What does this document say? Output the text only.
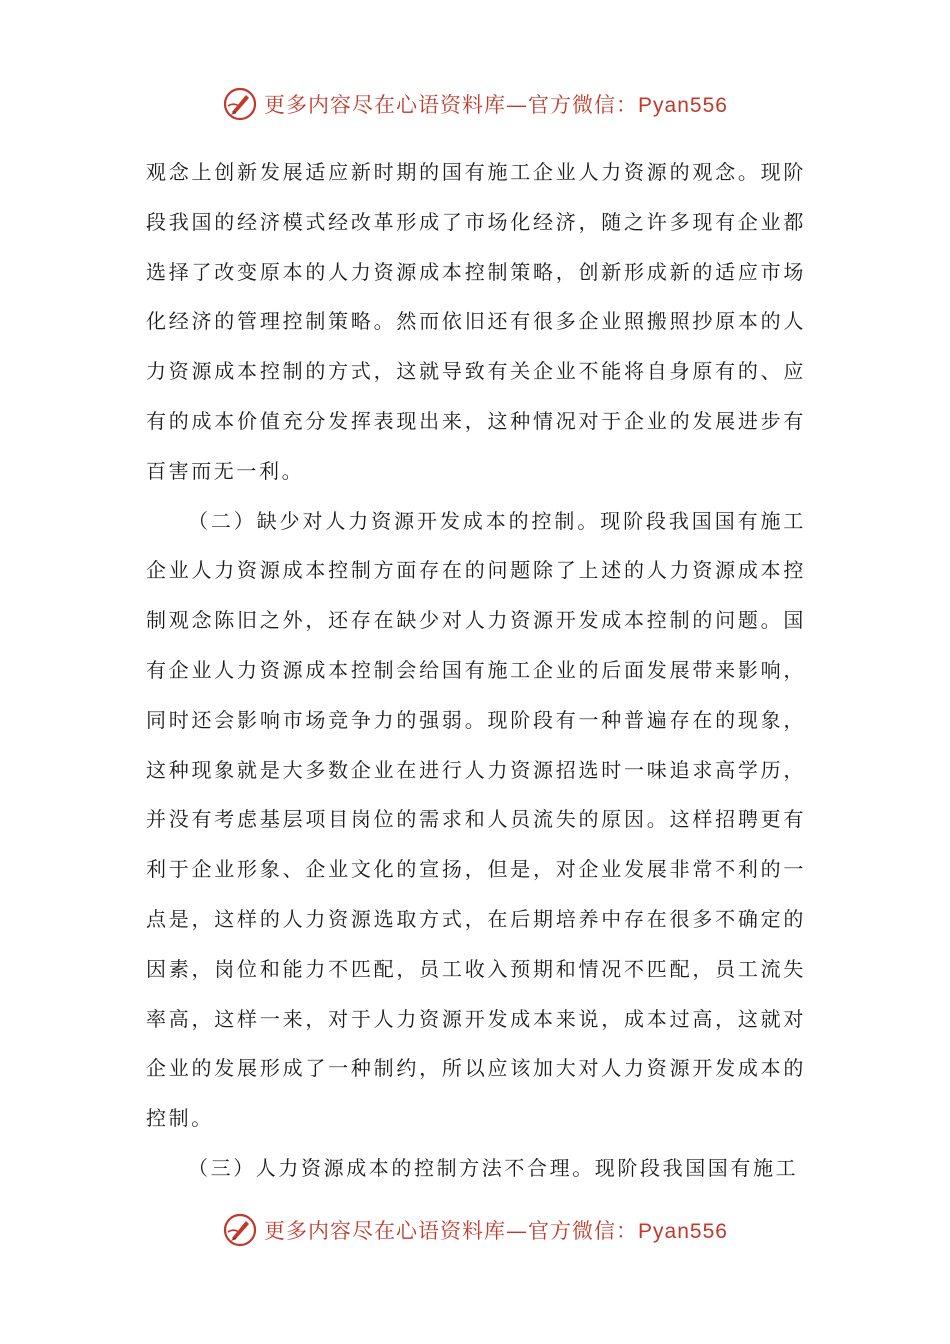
更多内容尽在心语资料库—官方微信：Pyan556

观念上创新发展适应新时期的国有施工企业人力资源的观念。现阶段我国的经济模式经改革形成了市场化经济，随之许多现有企业都选择了改变原本的人力资源成本控制策略，创新形成新的适应市场化经济的管理控制策略。然而依旧还有很多企业照搬照抄原本的人力资源成本控制的方式，这就导致有关企业不能将自身原有的、应有的成本价值充分发挥表现出来，这种情况对于企业的发展进步有百害而无一利。

（二）缺少对人力资源开发成本的控制。现阶段我国国有施工企业人力资源成本控制方面存在的问题除了上述的人力资源成本控制观念陈旧之外，还存在缺少对人力资源开发成本控制的问题。国有企业人力资源成本控制会给国有施工企业的后面发展带来影响，同时还会影响市场竞争力的强弱。现阶段有一种普遍存在的现象，这种现象就是大多数企业在进行人力资源招选时一味追求高学历，并没有考虑基层项目岗位的需求和人员流失的原因。这样招聘更有利于企业形象、企业文化的宣扬，但是，对企业发展非常不利的一点是，这样的人力资源选取方式，在后期培养中存在很多不确定的因素，岗位和能力不匹配，员工收入预期和情况不匹配，员工流失率高，这样一来，对于人力资源开发成本来说，成本过高，这就对企业的发展形成了一种制约，所以应该加大对人力资源开发成本的控制。

（三）人力资源成本的控制方法不合理。现阶段我国国有施工

更多内容尽在心语资料库—官方微信：Pyan556
